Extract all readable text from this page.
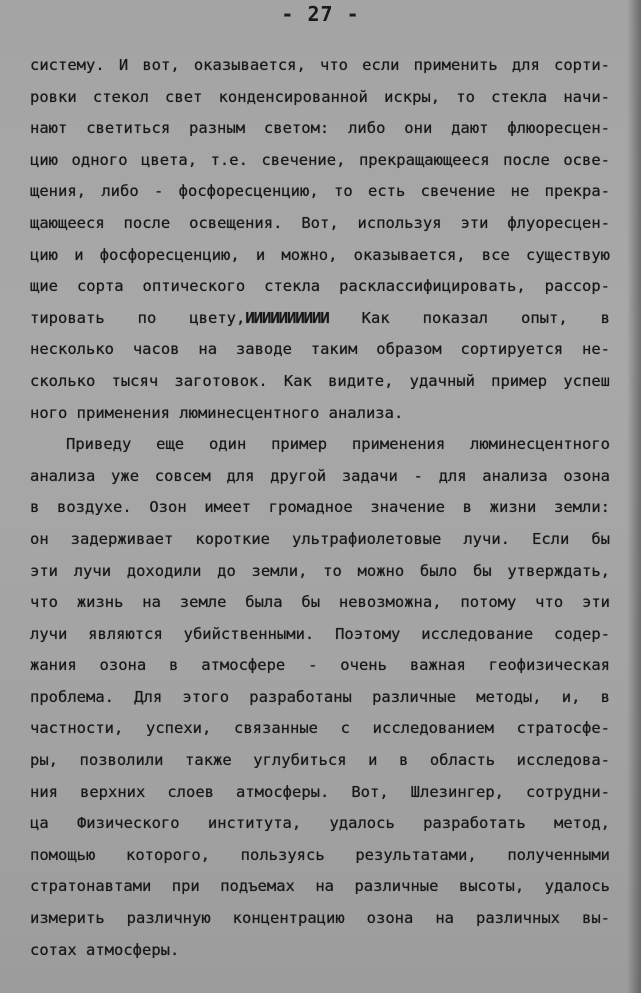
- 27 -
систему. И вот, оказывается, что если применить для сорти-
ровки стекол свет конденсированной искры, то стекла начи-
нают светиться разным светом: либо они дают флюоресцен-
цию одного цвета, т.е. свечение, прекращающееся после осве-
щения, либо - фосфоресценцию, то есть свечение не прекра-
щающееся после освещения. Вот, используя эти флуоресцен-
цию и фосфоресценцию, и можно, оказывается, все существую
щие сорта оптического стекла расклассифицировать, рассор-
тировать по цвету,ИИИИИИИИИИ Как показал опыт, в
несколько часов на заводе таким образом сортируется не-
сколько тысяч заготовок. Как видите, удачный пример успеш
ного применения люминесцентного анализа.
Приведу еще один пример применения люминесцентного
анализа уже совсем для другой задачи - для анализа озона
в воздухе. Озон имеет громадное значение в жизни земли:
он задерживает короткие ультрафиолетовые лучи. Если бы
эти лучи доходили до земли, то можно было бы утверждать,
что жизнь на земле была бы невозможна, потому что эти
лучи являются убийственными. Поэтому исследование содер-
жания озона в атмосфере - очень важная геофизическая
проблема. Для этого разработаны различные методы, и, в
частности, успехи, связанные с исследованием стратосфе-
ры, позволили также углубиться и в область исследова-
ния верхних слоев атмосферы. Вот, Шлезингер, сотрудни-
ца Физического института, удалось разработать метод,
помощью которого, пользуясь результатами, полученными
стратонавтами при подъемах на различные высоты, удалось
измерить различную концентрацию озона на различных вы-
сотах атмосферы.
